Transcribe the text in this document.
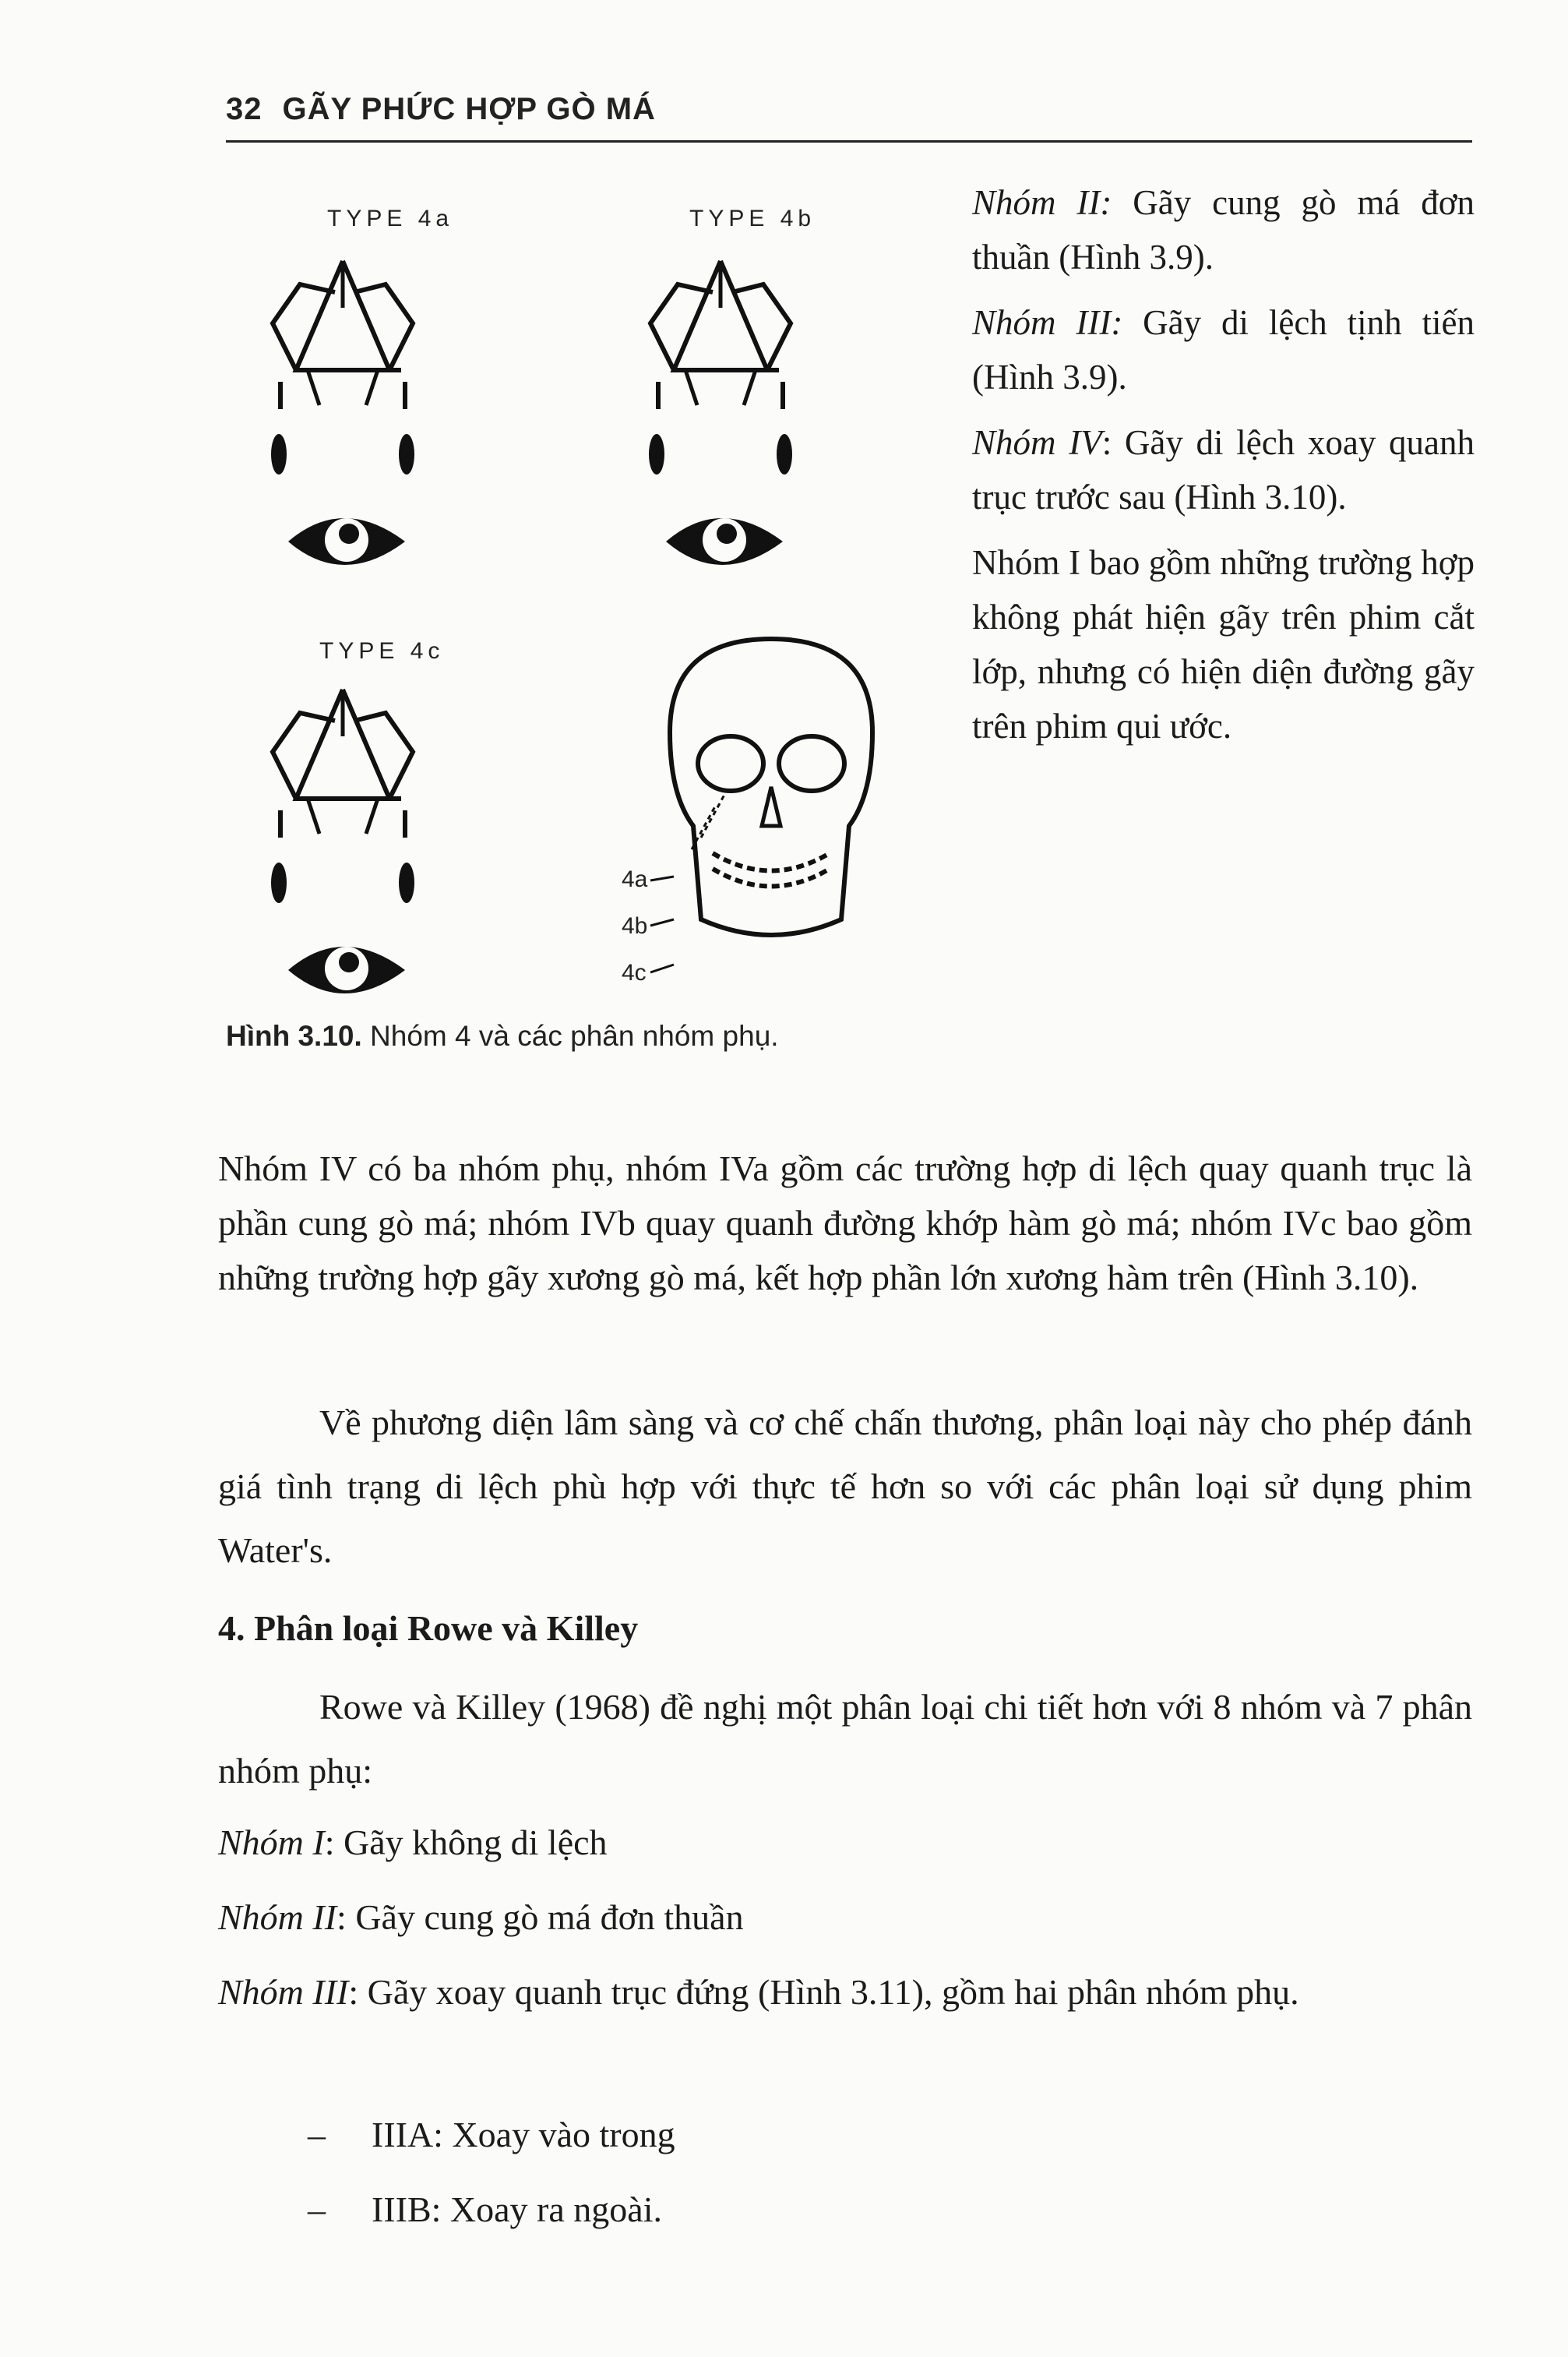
32 GÃY PHỨC HỢP GÒ MÁ
TYPE 4a	TYPE 4b
TYPE 4c
4a
4b
4c
Hình 3.10. Nhóm 4 và các phân nhóm phụ.

Nhóm II: Gãy cung gò má đơn thuần (Hình 3.9).

Nhóm III: Gãy di lệch tịnh tiến (Hình 3.9).

Nhóm IV: Gãy di lệch xoay quanh trục trước sau (Hình 3.10).

Nhóm I bao gồm những trường hợp không phát hiện gãy trên phim cắt lớp, nhưng có hiện diện đường gãy trên phim qui ước.

Nhóm IV có ba nhóm phụ, nhóm IVa gồm các trường hợp di lệch quay quanh trục là phần cung gò má; nhóm IVb quay quanh đường khớp hàm gò má; nhóm IVc bao gồm những trường hợp gãy xương gò má, kết hợp phần lớn xương hàm trên (Hình 3.10).

Về phương diện lâm sàng và cơ chế chấn thương, phân loại này cho phép đánh giá tình trạng di lệch phù hợp với thực tế hơn so với các phân loại sử dụng phim Water's.

4. Phân loại Rowe và Killey

Rowe và Killey (1968) đề nghị một phân loại chi tiết hơn với 8 nhóm và 7 phân nhóm phụ:

Nhóm I: Gãy không di lệch

Nhóm II: Gãy cung gò má đơn thuần

Nhóm III: Gãy xoay quanh trục đứng (Hình 3.11), gồm hai phân nhóm phụ.

– IIIA: Xoay vào trong
– IIIB: Xoay ra ngoài.
